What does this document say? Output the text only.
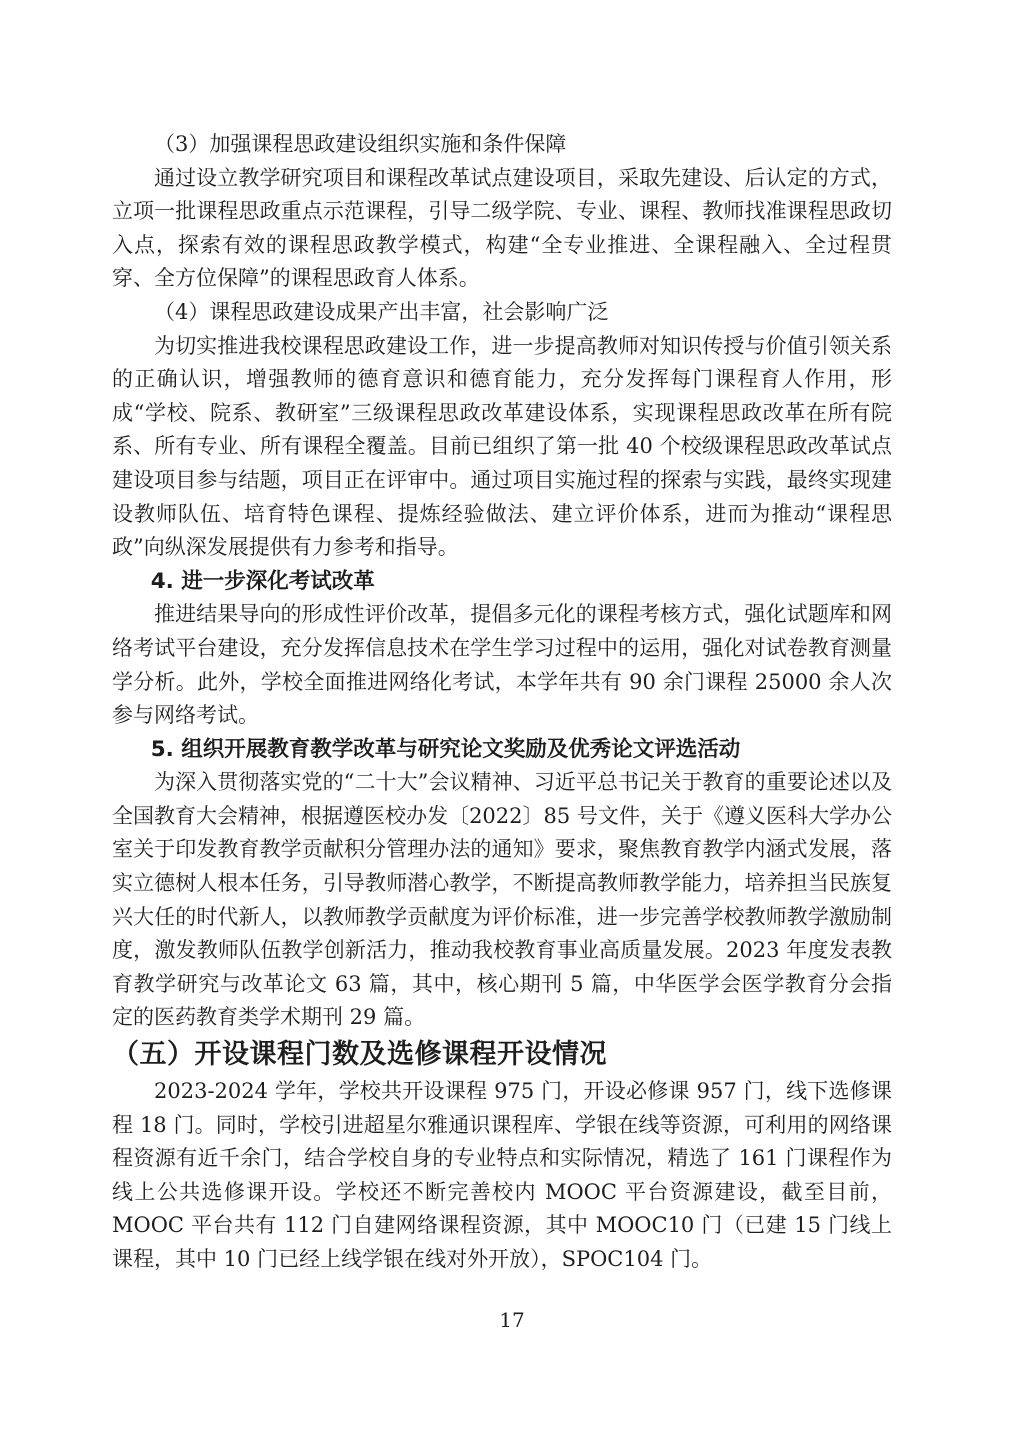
（3）加强课程思政建设组织实施和条件保障

通过设立教学研究项目和课程改革试点建设项目，采取先建设、后认定的方式，立项一批课程思政重点示范课程，引导二级学院、专业、课程、教师找准课程思政切入点，探索有效的课程思政教学模式，构建“全专业推进、全课程融入、全过程贯穿、全方位保障”的课程思政育人体系。

（4）课程思政建设成果产出丰富，社会影响广泛

为切实推进我校课程思政建设工作，进一步提高教师对知识传授与价值引领关系的正确认识，增强教师的德育意识和德育能力，充分发挥每门课程育人作用，形成“学校、院系、教研室”三级课程思政改革建设体系，实现课程思政改革在所有院系、所有专业、所有课程全覆盖。目前已组织了第一批 40 个校级课程思政改革试点建设项目参与结题，项目正在评审中。通过项目实施过程的探索与实践，最终实现建设教师队伍、培育特色课程、提炼经验做法、建立评价体系，进而为推动“课程思政”向纵深发展提供有力参考和指导。

4. 进一步深化考试改革

推进结果导向的形成性评价改革，提倡多元化的课程考核方式，强化试题库和网络考试平台建设，充分发挥信息技术在学生学习过程中的运用，强化对试卷教育测量学分析。此外，学校全面推进网络化考试，本学年共有 90 余门课程 25000 余人次参与网络考试。

5. 组织开展教育教学改革与研究论文奖励及优秀论文评选活动

为深入贯彻落实党的“二十大”会议精神、习近平总书记关于教育的重要论述以及全国教育大会精神，根据遵医校办发〔2022〕85 号文件，关于《遵义医科大学办公室关于印发教育教学贡献积分管理办法的通知》要求，聚焦教育教学内涵式发展，落实立德树人根本任务，引导教师潜心教学，不断提高教师教学能力，培养担当民族复兴大任的时代新人，以教师教学贡献度为评价标准，进一步完善学校教师教学激励制度，激发教师队伍教学创新活力，推动我校教育事业高质量发展。2023 年度发表教育教学研究与改革论文 63 篇，其中，核心期刊 5 篇，中华医学会医学教育分会指定的医药教育类学术期刊 29 篇。

（五）开设课程门数及选修课程开设情况

2023-2024 学年，学校共开设课程 975 门，开设必修课 957 门，线下选修课程 18 门。同时，学校引进超星尔雅通识课程库、学银在线等资源，可利用的网络课程资源有近千余门，结合学校自身的专业特点和实际情况，精选了 161 门课程作为线上公共选修课开设。学校还不断完善校内 MOOC 平台资源建设，截至目前，MOOC 平台共有 112 门自建网络课程资源，其中 MOOC10 门（已建 15 门线上课程，其中 10 门已经上线学银在线对外开放），SPOC104 门。

17
